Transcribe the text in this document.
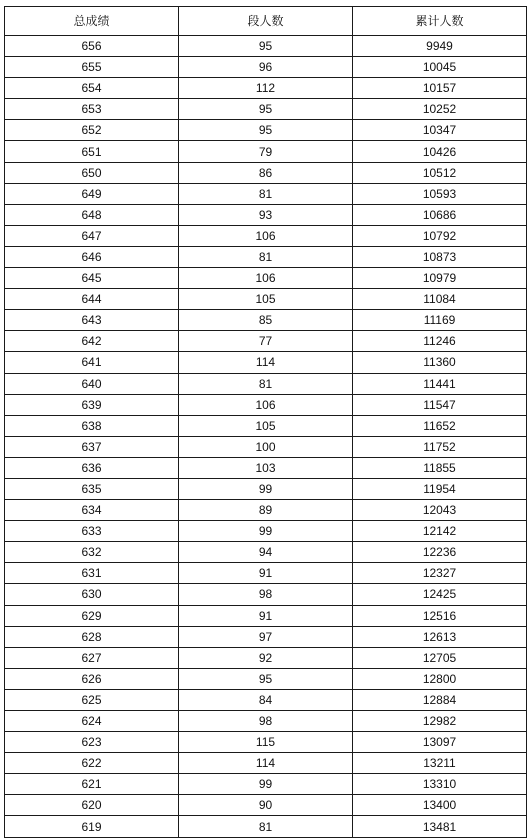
总成绩	段人数	累计人数
656	95	9949
655	96	10045
654	112	10157
653	95	10252
652	95	10347
651	79	10426
650	86	10512
649	81	10593
648	93	10686
647	106	10792
646	81	10873
645	106	10979
644	105	11084
643	85	11169
642	77	11246
641	114	11360
640	81	11441
639	106	11547
638	105	11652
637	100	11752
636	103	11855
635	99	11954
634	89	12043
633	99	12142
632	94	12236
631	91	12327
630	98	12425
629	91	12516
628	97	12613
627	92	12705
626	95	12800
625	84	12884
624	98	12982
623	115	13097
622	114	13211
621	99	13310
620	90	13400
619	81	13481
